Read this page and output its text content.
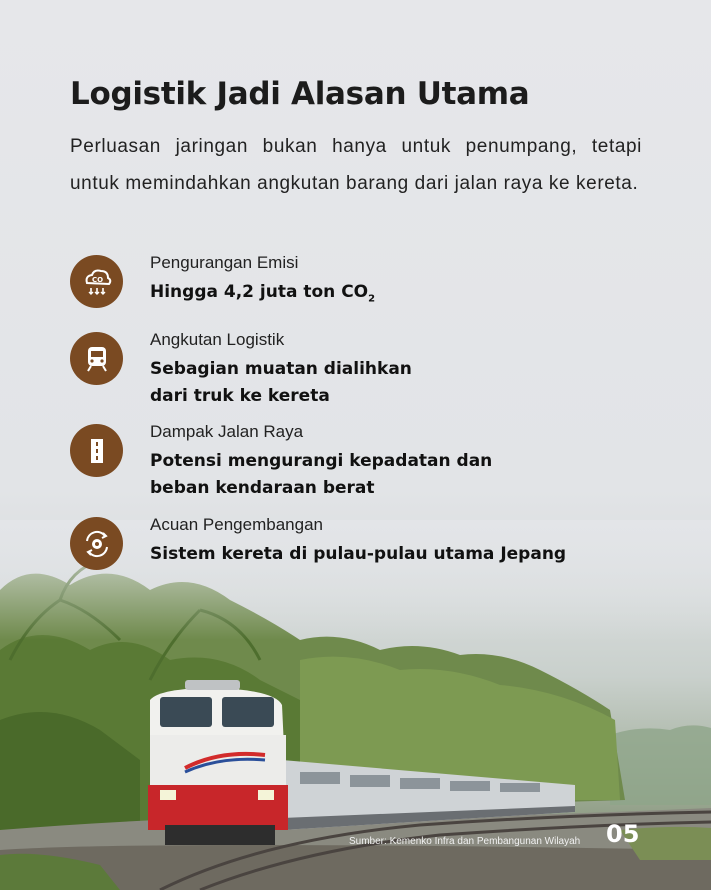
Logistik Jadi Alasan Utama
Perluasan jaringan bukan hanya untuk penumpang, tetapi untuk memindahkan angkutan barang dari jalan raya ke kereta.
CO
Pengurangan Emisi
Hingga 4,2 juta ton $CO_2$
Angkutan Logistik
Sebagian muatan dialihkan
dari truk ke kereta
Dampak Jalan Raya
Potensi mengurangi kepadatan dan
beban kendaraan berat
Acuan Pengembangan
Sistem kereta di pulau-pulau utama Jepang
Sumber: Kemenko Infra dan Pembangunan Wilayah 05
